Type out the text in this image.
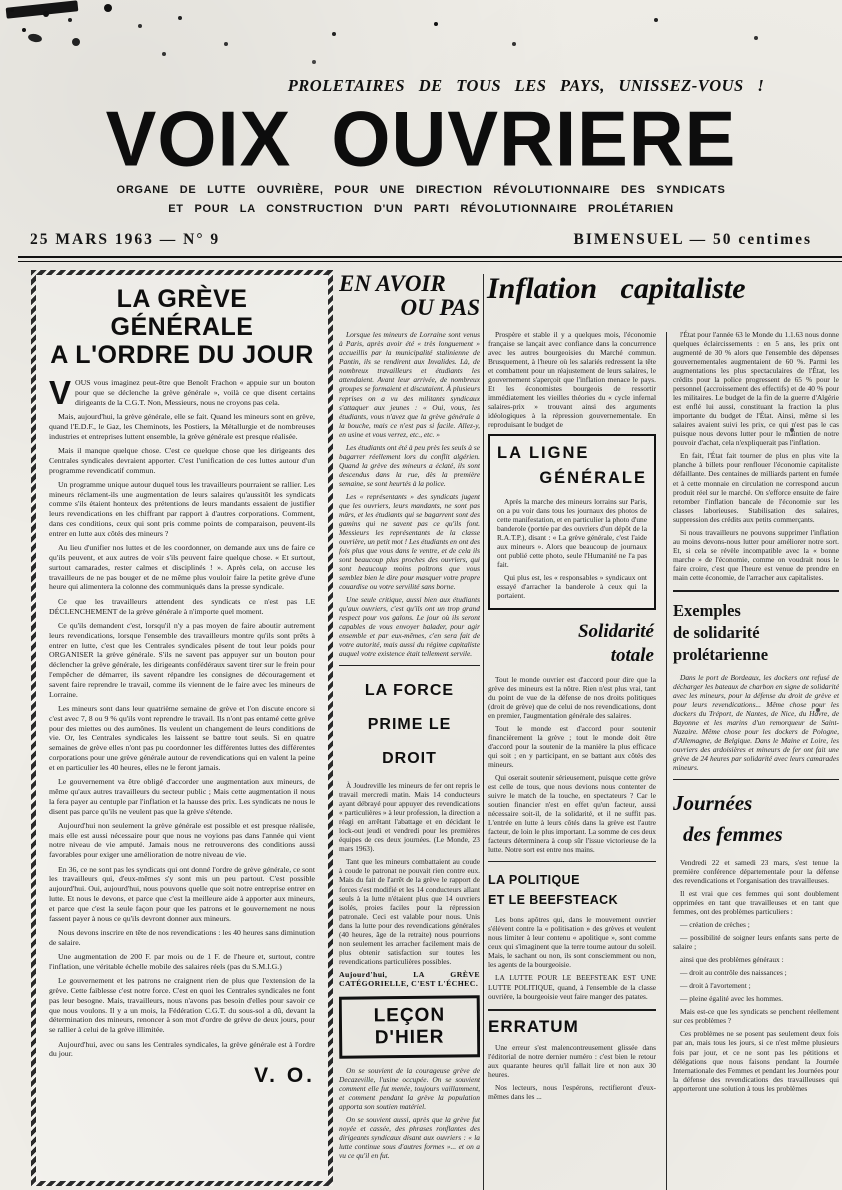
PROLETAIRES DE TOUS LES PAYS, UNISSEZ-VOUS !
VOIX OUVRIERE
ORGANE DE LUTTE OUVRIÈRE, POUR UNE DIRECTION RÉVOLUTIONNAIRE DES SYNDICATS
ET POUR LA CONSTRUCTION D'UN PARTI RÉVOLUTIONNAIRE PROLÉTARIEN
25 MARS 1963 — N° 9	BIMENSUEL — 50 centimes
LA GRÈVE GÉNÉRALE
A L'ORDRE DU JOUR

VOUS vous imaginez peut-être que Benoît Frachon « appuie sur un bouton pour que se déclenche la grève générale », voilà ce que disent certains dirigeants de la C.G.T. Non, Messieurs, nous ne croyons pas cela.

Mais, aujourd'hui, la grève générale, elle se fait. Quand les mineurs sont en grève, quand l'E.D.F., le Gaz, les Cheminots, les Postiers, la Métallurgie et de nombreuses industries et entreprises luttent ensemble, la grève générale est presque réalisée.

Mais il manque quelque chose. C'est ce quelque chose que les dirigeants des Centrales syndicales devraient apporter. C'est l'unification de ces luttes autour d'un programme revendicatif commun.

Un programme unique autour duquel tous les travailleurs pourraient se rallier. Les mineurs réclament-ils une augmentation de leurs salaires qu'aussitôt les syndicats comme s'ils étaient honteux des prétentions de leurs mandants essaient de justifier leurs revendications en les chiffrant par rapport à d'autres corporations. Comment, dans ces conditions, ceux qui sont pris comme points de comparaison, peuvent-ils entrer en lutte aux côtés des mineurs ?

Au lieu d'unifier nos luttes et de les coordonner, on demande aux uns de faire ce qu'ils peuvent, et aux autres de voir s'ils peuvent faire quelque chose. « Et surtout, surtout camarades, rester calmes et disciplinés ! ». Après cela, on accuse les travailleurs de ne pas bouger et de ne même plus vouloir faire la petite grève d'une heure qui alimentera la colonne des communiqués dans la presse syndicale.

Ce que les travailleurs attendent des syndicats ce n'est pas LE DÉCLENCHEMENT de la grève générale à n'importe quel moment.

Ce qu'ils demandent c'est, lorsqu'il n'y a pas moyen de faire aboutir autrement leurs revendications, lorsque l'ensemble des travailleurs montre qu'ils sont prêts à entrer en lutte, c'est que les Centrales syndicales pèsent de tout leur poids pour ORGANISER la grève générale. S'ils ne savent pas appuyer sur un bouton pour déclencher la grève générale, les dirigeants confédéraux savent tirer sur le frein pour l'empêcher de démarrer, ils savent répandre les consignes de découragement et savent faire reprendre le travail, comme ils viennent de le faire avec les mineurs de Lorraine.

Les mineurs sont dans leur quatrième semaine de grève et l'on discute encore si c'est avec 7, 8 ou 9 % qu'ils vont reprendre le travail. Ils n'ont pas entamé cette grève pour des miettes ou des aumônes. Ils veulent un changement de leurs conditions de vie. Or, les Centrales syndicales les laissent se battre tout seuls. Si en quatre semaines de grève elles n'ont pas pu coordonner les différentes luttes des différentes corporations pour une grève générale autour de revendications qui en valent la peine et en particulier les 40 heures, elles ne le feront jamais.

Le gouvernement va être obligé d'accorder une augmentation aux mineurs, de même qu'aux autres travailleurs du secteur public ; Mais cette augmentation il nous la fera payer au centuple par l'inflation et la hausse des prix. Les syndicats ne nous le disent pas parce qu'ils ne veulent pas que la grève s'étende.

Aujourd'hui non seulement la grève générale est possible et est presque réalisée, mais elle est aussi nécessaire pour que nous ne voyions pas dans l'année qui vient notre niveau de vie amputé. Jamais nous ne retrouverons des conditions aussi favorables pour exiger une amélioration de notre niveau de vie.

En 36, ce ne sont pas les syndicats qui ont donné l'ordre de grève générale, ce sont les travailleurs qui, d'eux-mêmes s'y sont mis un peu partout. C'est possible aujourd'hui. Oui, aujourd'hui, nous pouvons quelle que soit notre entreprise entrer en lutte. Et nous le devons, et parce que c'est la meilleure aide à apporter aux mineurs, et parce que c'est la seule façon pour que les patrons et le gouvernement ne nous fassent payer à nous ce qu'ils devront donner aux mineurs.

Nous devons inscrire en tête de nos revendications : les 40 heures sans diminution de salaire.

Une augmentation de 200 F. par mois ou de 1 F. de l'heure et, surtout, contre l'inflation, une véritable échelle mobile des salaires réels (pas du S.M.I.G.)

Le gouvernement et les patrons ne craignent rien de plus que l'extension de la grève. Cette faiblesse c'est notre force. C'est en quoi les Centrales syndicales ne font pas leur besogne. Mais, travailleurs, nous n'avons pas besoin d'elles pour savoir ce que nous voulons. Il y a un mois, la Fédération C.G.T. du sous-sol a dû, devant la détermination des mineurs, renoncer à son mot d'ordre de grève de deux jours, pour se rallier à celui de la grève illimitée.

Aujourd'hui, avec ou sans les Centrales syndicales, la grève générale est à l'ordre du jour.

V. O.
EN AVOIR
OU PAS

Lorsque les mineurs de Lorraine sont venus à Paris, après avoir été « très longuement » accueillis par la municipalité stalinienne de Pantin, ils se rendirent aux Invalides. Là, de nombreux travailleurs et étudiants les attendaient. Avant leur arrivée, de nombreux groupes se formaient et discutaient. À plusieurs reprises on a vu des militants syndicaux s'attaquer aux jeunes : « Oui, vous, les étudiants, vous n'avez que la grève générale à la bouche, mais ce n'est pas si facile. Allez-y, en usine et vous verrez, etc., etc. »

Les étudiants ont été à peu près les seuls à se bagarrer réellement lors du conflit algérien. Quand la grève des mineurs a éclaté, ils sont descendus dans la rue, dès la première semaine, se sont heurtés à la police.

Les « représentants » des syndicats jugent que les ouvriers, leurs mandants, ne sont pas mûrs, et les étudiants qui se bagarrent sont des gamins qui ne savent pas ce qu'ils font. Messieurs les représentants de la classe ouvrière, un petit mot ! Les étudiants en ont des fois plus que vous dans le ventre, et de cela ils sont beaucoup plus proches des ouvriers, qui sont beaucoup moins poltrons que vous semblez bien le dire pour masquer votre propre couardise ou votre servilité sans borne.

Une seule critique, aussi bien aux étudiants qu'aux ouvriers, c'est qu'ils ont un trop grand respect pour vos galons. Le jour où ils seront capables de vous envoyer balader, pour agir ensemble et par eux-mêmes, c'en sera fait de votre autorité, mais aussi du régime capitaliste auquel votre existence était tellement servile.

LA FORCE
PRIME LE DROIT

À Joudreville les mineurs de fer ont repris le travail mercredi matin. Mais 14 conducteurs ayant débrayé pour appuyer des revendications « particulières » à leur profession, la direction a réagi en arrêtant l'abattage et en décidant le lock-out jeudi et vendredi pour les premières équipes de ces deux journées. (Le Monde, 23 mars 1963).

Tant que les mineurs combattaient au coude à coude le patronat ne pouvait rien contre eux. Mais du fait de l'arrêt de la grève le rapport de forces s'est modifié et les 14 conducteurs allant seuls à la lutte n'étaient plus que 14 ouvriers isolés, proies faciles pour la répression patronale. Ceci est valable pour nous. Unis dans la lutte pour des revendications générales (40 heures, âge de la retraite) nous pourrions non seulement les arracher facilement mais de plus obtenir satisfaction sur toutes les revendications particulières possibles.

Aujourd'hui, LA GRÈVE CATÉGORIELLE, C'EST L'ÉCHEC.
LEÇON D'HIER

On se souvient de la courageuse grève de Decazeville, l'usine occupée. On se souvient comment elle fut menée, toujours vaillamment, et comment pendant la grève la population apporta son soutien matériel.

On se souvient aussi, après que la grève fut noyée et cassée, des phrases ronflantes des dirigeants syndicaux disant aux ouvriers : « la lutte continue sous d'autres formes »... et on a vu ce qu'il en fut.

Inflation capitaliste

Prospère et stable il y a quelques mois, l'économie française se lançait avec confiance dans la concurrence avec les autres bourgeoisies du Marché commun. Brusquement, à l'heure où les salariés redressent la tête et combattent pour un réajustement de leurs salaires, le gouvernement s'aperçoit que l'inflation menace le pays. Et les économistes bourgeois de ressortir immédiatement les vieilles théories du « cycle infernal salaires-prix » trouvant ainsi des arguments idéologiques à la répression gouvernementale. En reproduisant le budget de

LA LIGNE
GÉNÉRALE

Après la marche des mineurs lorrains sur Paris, on a pu voir dans tous les journaux des photos de cette manifestation, et en particulier la photo d'une banderole (portée par des ouvriers d'un dépôt de la R.A.T.P.), disant : « La grève générale, c'est l'aide aux mineurs ». Alors que beaucoup de journaux ont publié cette photo, seule l'Humanité ne l'a pas fait.

Qui plus est, les « responsables » syndicaux ont essayé d'arracher la banderole à ceux qui la portaient.

Solidarité
totale

Tout le monde ouvrier est d'accord pour dire que la grève des mineurs est la nôtre. Rien n'est plus vrai, tant du point de vue de la défense de nos droits politiques (droit de grève) que de celui de nos revendications, dont en premier, l'augmentation générale des salaires.

Tout le monde est d'accord pour soutenir financièrement la grève ; tout le monde doit être d'accord pour la soutenir de la manière la plus efficace qui soit ; en y participant, en se battant aux côtés des mineurs.

Qui oserait soutenir sérieusement, puisque cette grève est celle de tous, que nous devions nous contenter de suivre le match de la touche, en spectateurs ? Car le soutien financier n'est en effet qu'un facteur, aussi nécessaire soit-il, de la solidarité, et il ne suffit pas. L'entrée en lutte à leurs côtés dans la grève est l'autre facteur, de loin le plus important. La somme de ces deux facteurs déterminera à coup sûr l'issue victorieuse de la lutte. Notre sort est entre nos mains.

LA POLITIQUE
ET LE BEEFSTEACK

Les bons apôtres qui, dans le mouvement ouvrier s'élèvent contre la « politisation » des grèves et veulent nous limiter à leur contenu « apolitique », sont comme ceux qui s'imaginent que la terre tourne autour du soleil. Mais, le sachant ou non, ils sont consciemment ou non, les agents de la bourgeoisie.

LA LUTTE POUR LE BEEFSTEAK EST UNE LUTTE POLITIQUE, quand, à l'ensemble de la classe ouvrière, la bourgeoisie veut faire manger des patates.

ERRATUM

Une erreur s'est malencontreusement glissée dans l'éditorial de notre dernier numéro : c'est bien le retour aux quarante heures qu'il fallait lire et non aux 30 heures.

Nos lecteurs, nous l'espérons, rectifieront d'eux-mêmes dans les ...

l'État pour l'année 63 le Monde du 1.1.63 nous donne quelques éclaircissements : en 5 ans, les prix ont augmenté de 30 % alors que l'ensemble des dépenses gouvernementales augmentaient de 60 %. Parmi les augmentations les plus spectaculaires de l'État, les crédits pour la police progressent de 65 % pour le personnel (accroissement des effectifs) et de 40 % pour les militaires. Le budget de la fin de la guerre d'Algérie est enflé lui aussi, constituant la fraction la plus importante du budget de l'État. Ainsi, même si les salaires avaient suivi les prix, ce qui n'est pas le cas puisque nous devons lutter pour le maintien de notre pouvoir d'achat, cela n'expliquerait pas l'inflation.

En fait, l'État fait tourner de plus en plus vite la planche à billets pour renflouer l'économie capitaliste défaillante. Des centaines de milliards partent en fumée et à cette monnaie en circulation ne correspond aucun produit réel sur le marché. On s'efforce ensuite de faire retomber l'inflation bancale de l'économie sur les classes laborieuses. Stabilisation des salaires, suppression des crédits aux petits commerçants.

Si nous travailleurs ne pouvons supprimer l'inflation au moins devons-nous lutter pour améliorer notre sort. Et, si cela se révèle incompatible avec la « bonne marche » de l'économie, comme on voudrait nous le faire croire, c'est que l'heure est venue de prendre en main cette économie, de l'arracher aux capitalistes.

Exemples
de solidarité
prolétarienne

Dans le port de Bordeaux, les dockers ont refusé de décharger les bateaux de charbon en signe de solidarité avec les mineurs, pour la défense du droit de grève et pour leurs revendications... Même chose pour les dockers du Tréport, de Nantes, de Nice, du Havre, de Bayonne et les marins d'un remorqueur de Saint-Nazaire. Même chose pour les dockers de Pologne, d'Allemagne, de Belgique. Dans le Maine et Loire, les ouvriers des ardoisières et mineurs de fer ont fait une grève de 24 heures par solidarité avec leurs camarades mineurs.

Journées
des femmes

Vendredi 22 et samedi 23 mars, s'est tenue la première conférence départementale pour la défense des revendications et l'organisation des travailleuses.

Il est vrai que ces femmes qui sont doublement opprimées en tant que travailleuses et en tant que femmes, ont des problèmes particuliers :

— création de crèches ;

— possibilité de soigner leurs enfants sans perte de salaire ;

ainsi que des problèmes généraux :

— droit au contrôle des naissances ;

— droit à l'avortement ;

— pleine égalité avec les hommes.

Mais est-ce que les syndicats se penchent réellement sur ces problèmes ?

Ces problèmes ne se posent pas seulement deux fois par an, mais tous les jours, si ce n'est même plusieurs fois par jour, et ce ne sont pas les pétitions et délégations que nous faisons pendant la Journée Internationale des Femmes et pendant les Journées pour la défense des revendications des travailleuses qui apporteront une solution à tous les problèmes
